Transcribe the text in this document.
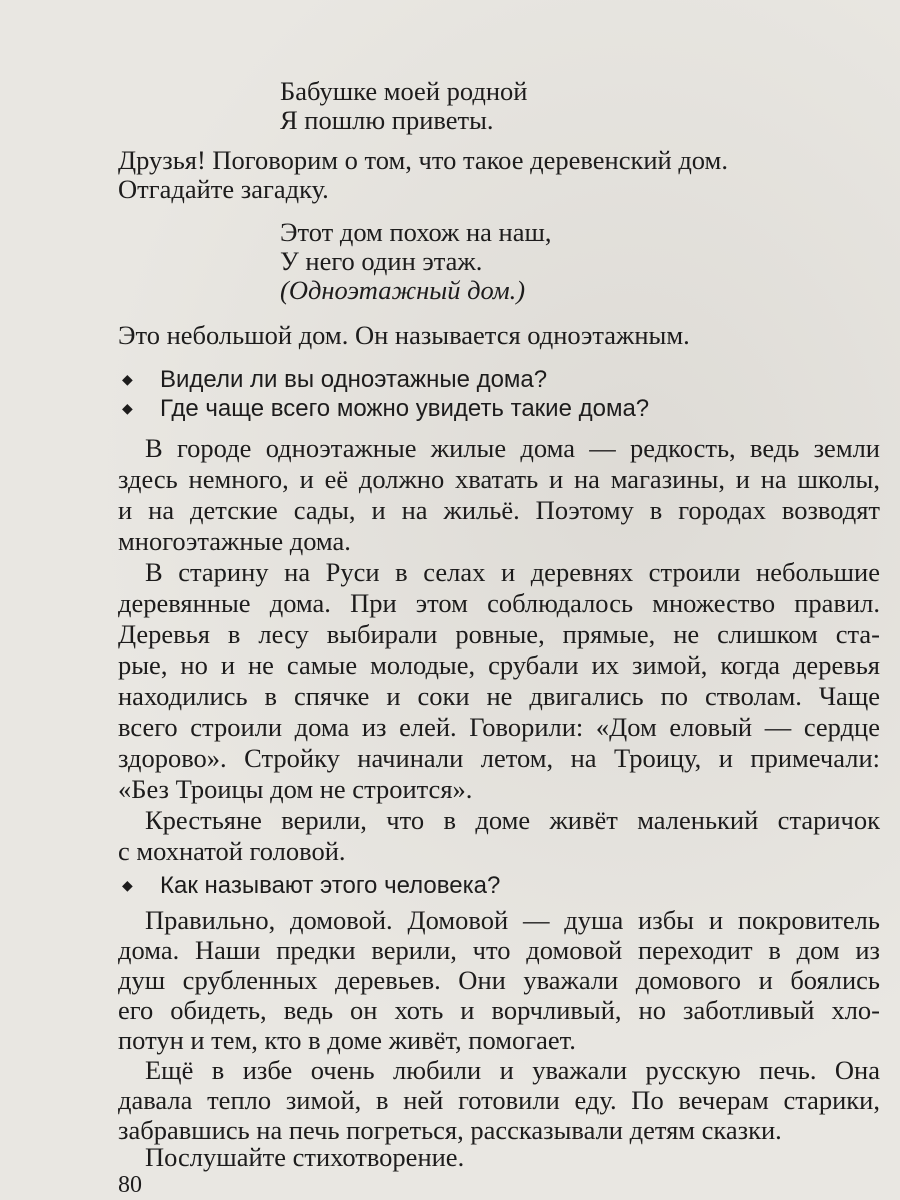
Бабушке моей родной
Я пошлю приветы.
Друзья! Поговорим о том, что такое деревенский дом.
Отгадайте загадку.
Этот дом похож на наш,
У него один этаж.
(Одноэтажный дом.)
Это небольшой дом. Он называется одноэтажным.
◆ Видели ли вы одноэтажные дома?
◆ Где чаще всего можно увидеть такие дома?
В городе одноэтажные жилые дома — редкость, ведь земли
здесь немного, и её должно хватать и на магазины, и на школы,
и на детские сады, и на жильё. Поэтому в городах возводят
многоэтажные дома.
В старину на Руси в селах и деревнях строили небольшие
деревянные дома. При этом соблюдалось множество правил.
Деревья в лесу выбирали ровные, прямые, не слишком ста-
рые, но и не самые молодые, срубали их зимой, когда деревья
находились в спячке и соки не двигались по стволам. Чаще
всего строили дома из елей. Говорили: «Дом еловый — сердце
здорово». Стройку начинали летом, на Троицу, и примечали:
«Без Троицы дом не строится».
Крестьяне верили, что в доме живёт маленький старичок
с мохнатой головой.
◆ Как называют этого человека?
Правильно, домовой. Домовой — душа избы и покровитель
дома. Наши предки верили, что домовой переходит в дом из
душ срубленных деревьев. Они уважали домового и боялись
его обидеть, ведь он хоть и ворчливый, но заботливый хло-
потун и тем, кто в доме живёт, помогает.
Ещё в избе очень любили и уважали русскую печь. Она
давала тепло зимой, в ней готовили еду. По вечерам старики,
забравшись на печь погреться, рассказывали детям сказки.
Послушайте стихотворение.
80
